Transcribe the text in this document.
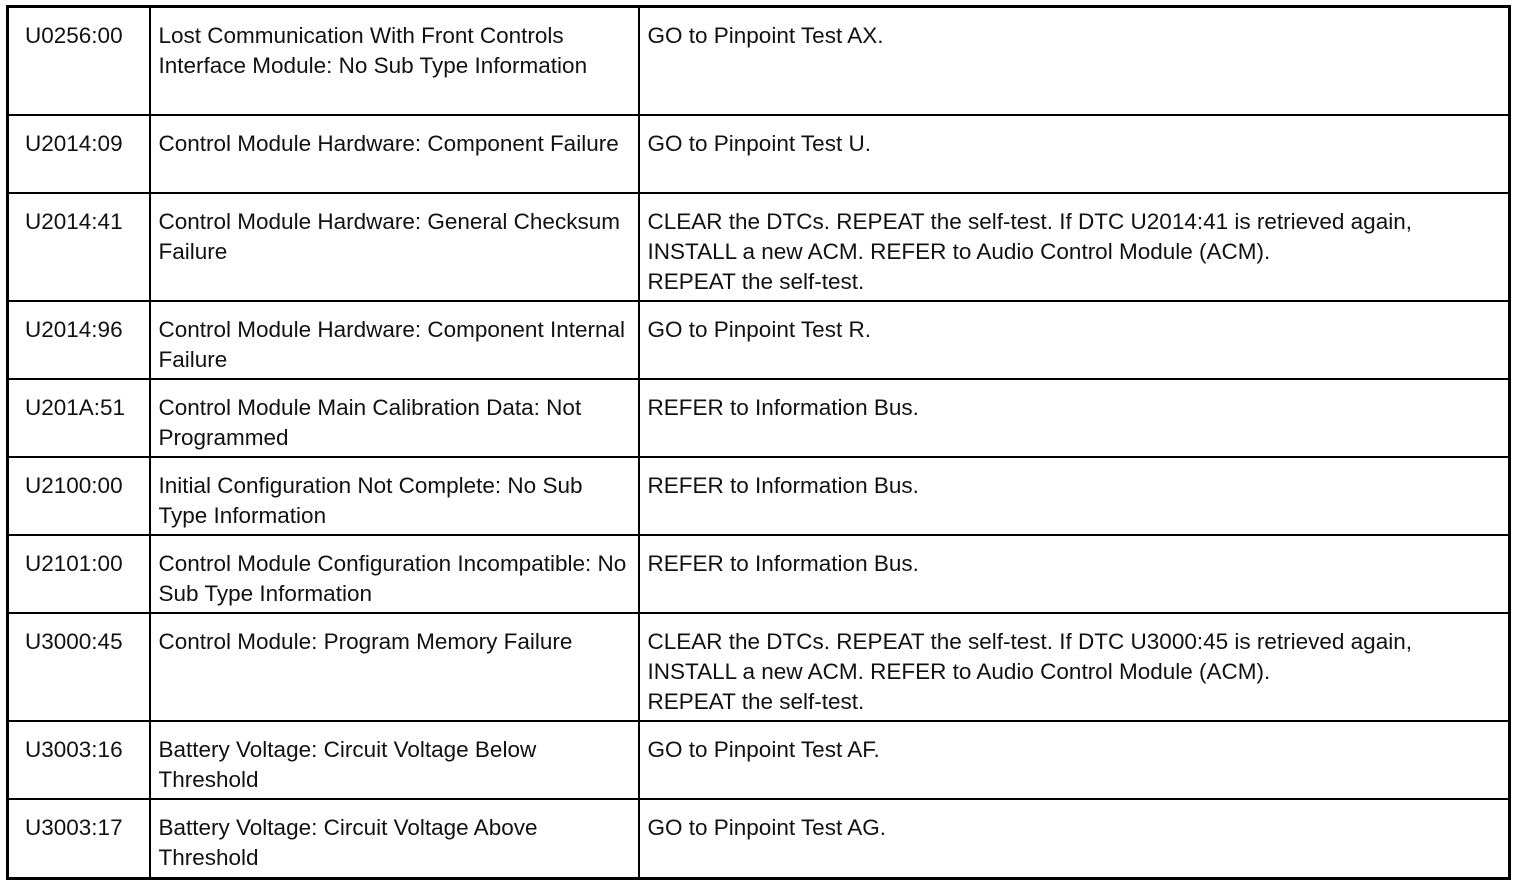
U0256:00	Lost Communication With Front Controls Interface Module: No Sub Type Information	GO to Pinpoint Test AX.
U2014:09	Control Module Hardware: Component Failure	GO to Pinpoint Test U.
U2014:41	Control Module Hardware: General Checksum Failure	CLEAR the DTCs. REPEAT the self-test. If DTC U2014:41 is retrieved again,
INSTALL a new ACM. REFER to Audio Control Module (ACM).
REPEAT the self-test.
U2014:96	Control Module Hardware: Component Internal Failure	GO to Pinpoint Test R.
U201A:51	Control Module Main Calibration Data: Not Programmed	REFER to Information Bus.
U2100:00	Initial Configuration Not Complete: No Sub Type Information	REFER to Information Bus.
U2101:00	Control Module Configuration Incompatible: No Sub Type Information	REFER to Information Bus.
U3000:45	Control Module: Program Memory Failure	CLEAR the DTCs. REPEAT the self-test. If DTC U3000:45 is retrieved again,
INSTALL a new ACM. REFER to Audio Control Module (ACM).
REPEAT the self-test.
U3003:16	Battery Voltage: Circuit Voltage Below Threshold	GO to Pinpoint Test AF.
U3003:17	Battery Voltage: Circuit Voltage Above Threshold	GO to Pinpoint Test AG.
